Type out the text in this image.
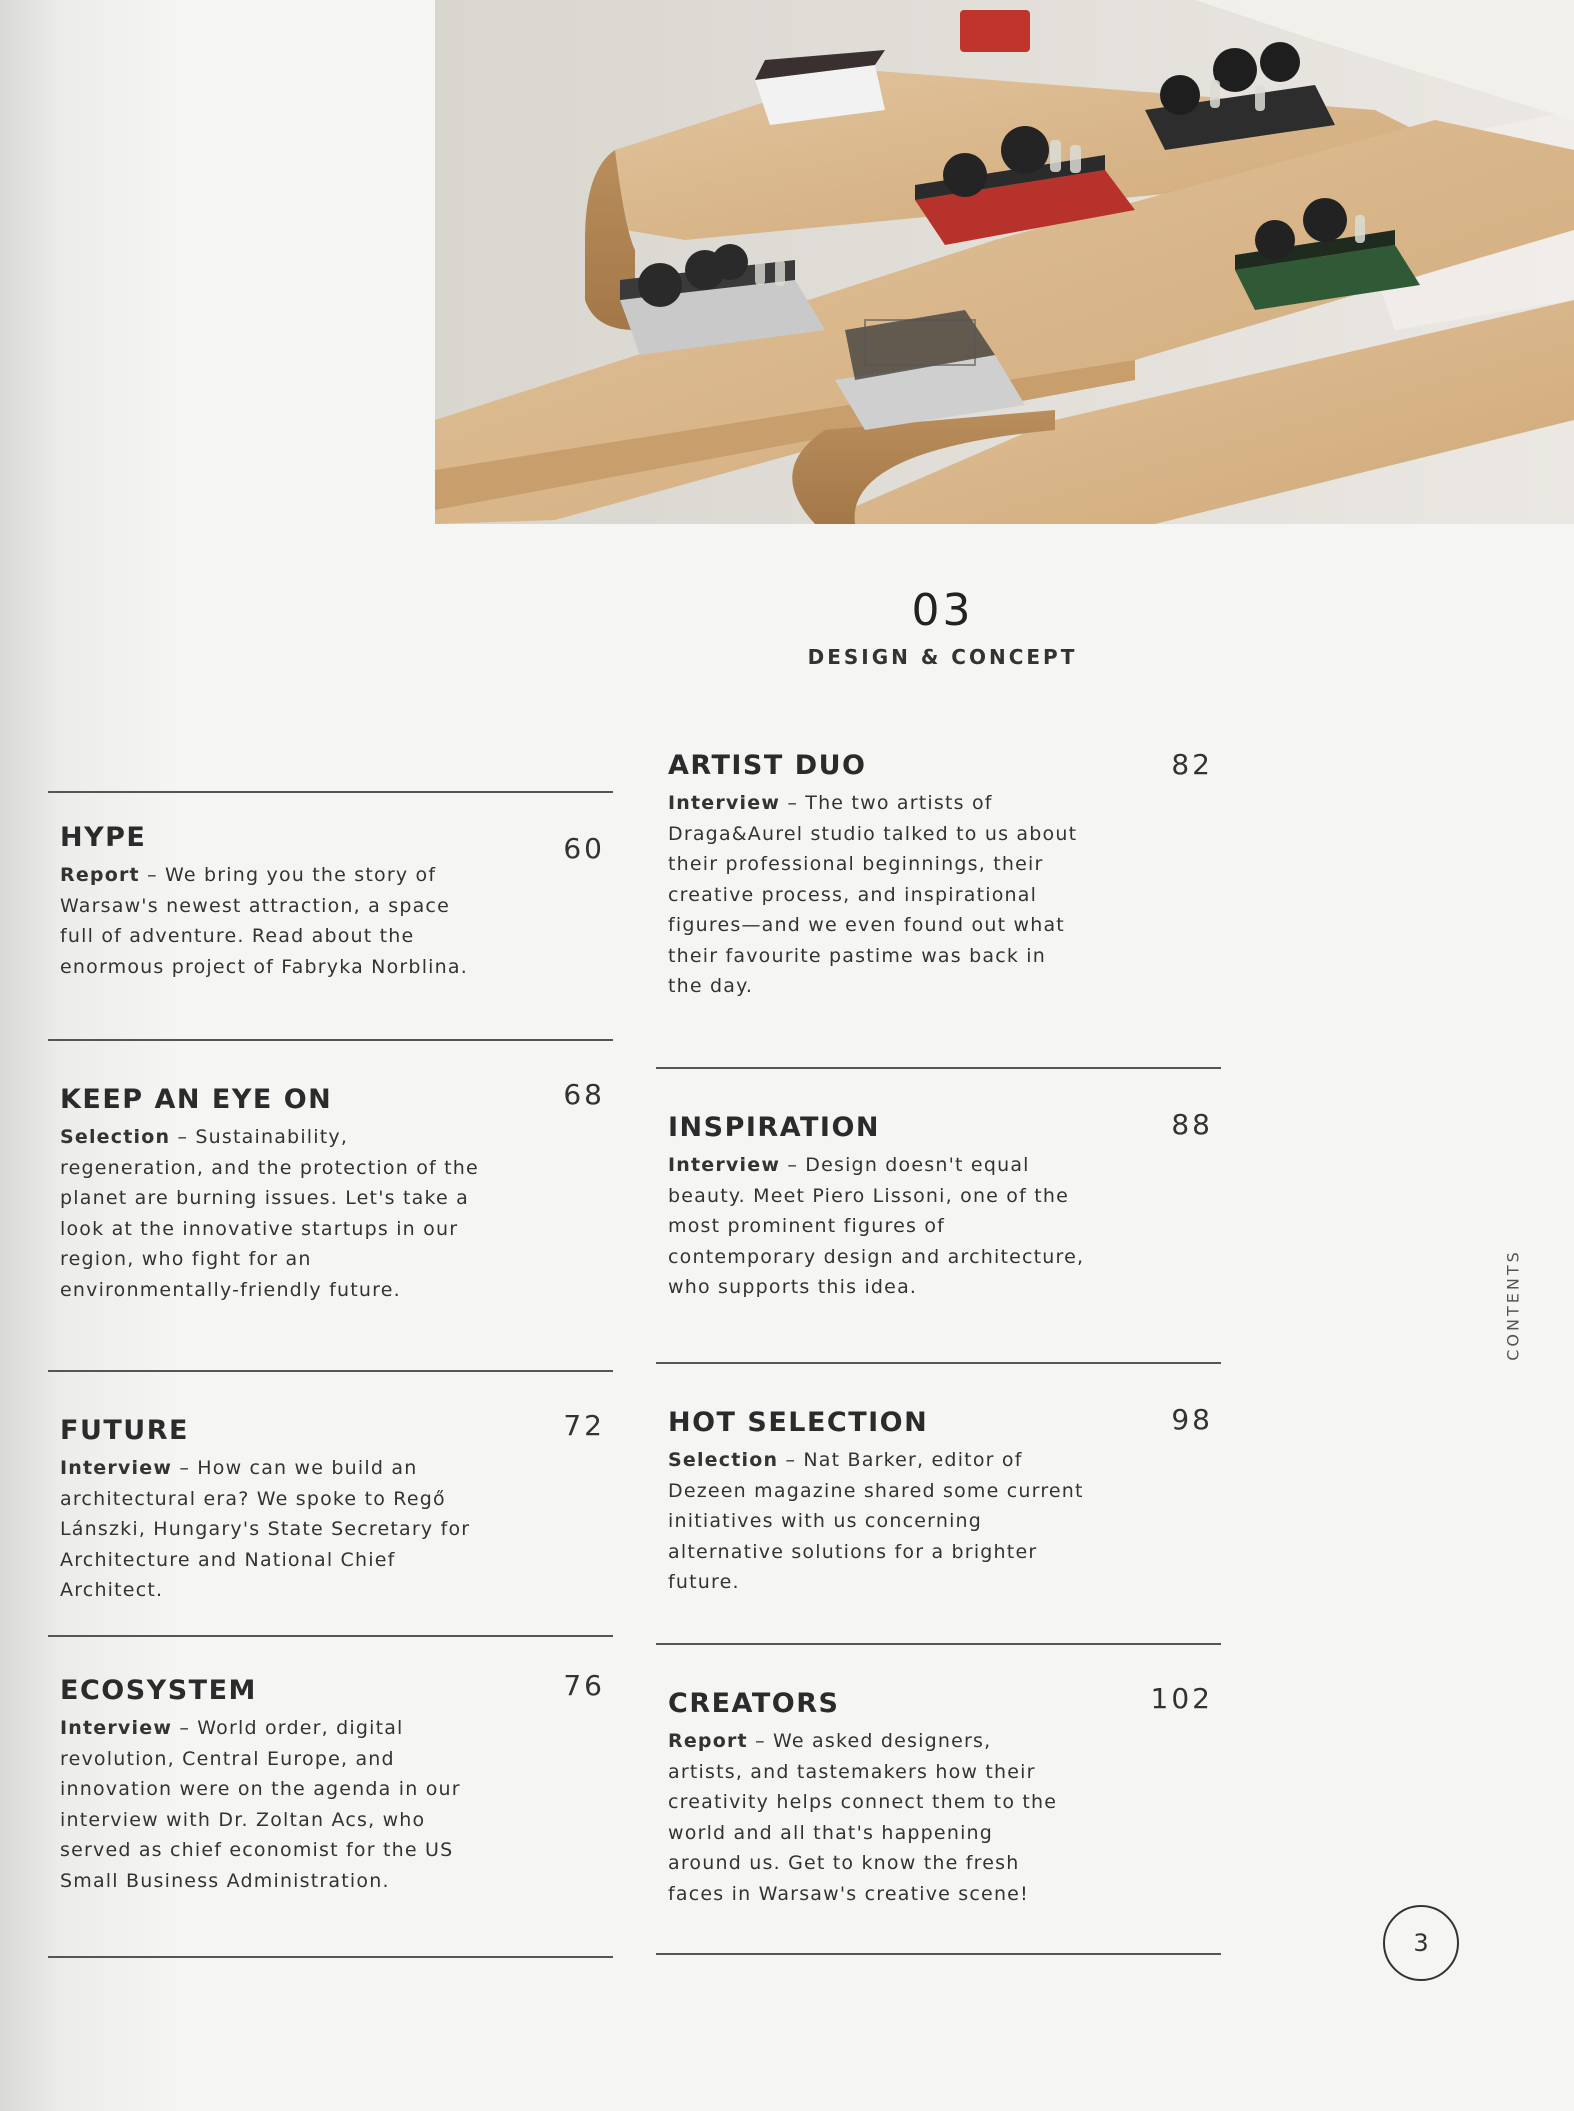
03
DESIGN & CONCEPT
HYPE	60
Report – We bring you the story of Warsaw's newest attraction, a space full of adventure. Read about the enormous project of Fabryka Norblina.
KEEP AN EYE ON	68
Selection – Sustainability, regeneration, and the protection of the planet are burning issues. Let's take a look at the innovative startups in our region, who fight for an environmentally-friendly future.
FUTURE	72
Interview – How can we build an architectural era? We spoke to Regő Lánszki, Hungary's State Secretary for Architecture and National Chief Architect.
ECOSYSTEM	76
Interview – World order, digital revolution, Central Europe, and innovation were on the agenda in our interview with Dr. Zoltan Acs, who served as chief economist for the US Small Business Administration.
ARTIST DUO	82
Interview – The two artists of Draga&Aurel studio talked to us about their professional beginnings, their creative process, and inspirational figures—and we even found out what their favourite pastime was back in the day.
INSPIRATION	88
Interview – Design doesn't equal beauty. Meet Piero Lissoni, one of the most prominent figures of contemporary design and architecture, who supports this idea.
HOT SELECTION	98
Selection – Nat Barker, editor of Dezeen magazine shared some current initiatives with us concerning alternative solutions for a brighter future.
CREATORS	102
Report – We asked designers, artists, and tastemakers how their creativity helps connect them to the world and all that's happening around us. Get to know the fresh faces in Warsaw's creative scene!
CONTENTS
3
